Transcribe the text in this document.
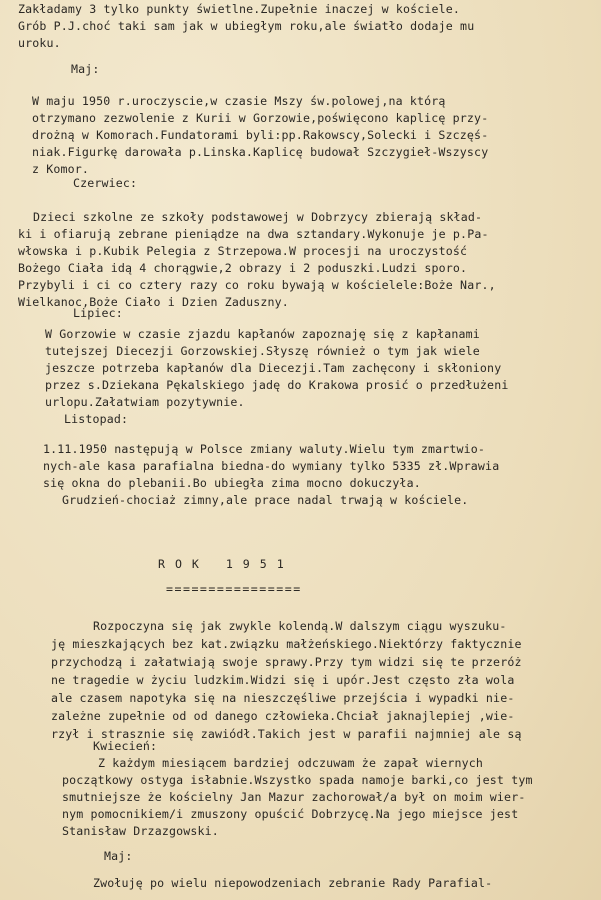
Zakładamy 3 tylko punkty świetlne.Zupełnie inaczej w kościele.
Grób P.J.choć taki sam jak w ubiegłym roku,ale światło dodaje mu
uroku.
Maj:
W maju 1950 r.uroczyscie,w czasie Mszy św.polowej,na którą
otrzymano zezwolenie z Kurii w Gorzowie,poświęcono kaplicę przy-
drożną w Komorach.Fundatorami byli:pp.Rakowscy,Solecki i Szczęś-
niak.Figurkę darowała p.Linska.Kaplicę budował Szczygieł-Wszyscy
z Komor.
Czerwiec:
Dzieci szkolne ze szkoły podstawowej w Dobrzycy zbierają skład-
ki i ofiarują zebrane pieniądze na dwa sztandary.Wykonuje je p.Pa-
włowska i p.Kubik Pelegia z Strzepowa.W procesji na uroczystość
Bożego Ciała idą 4 chorągwie,2 obrazy i 2 poduszki.Ludzi sporo.
Przybyli i ci co cztery razy co roku bywają w kościelele:Boże Nar.,
Wielkanoc,Boże Ciało i Dzien Zaduszny.
Lipiec:
W Gorzowie w czasie zjazdu kapłanów zapoznaję się z kapłanami
tutejszej Diecezji Gorzowskiej.Słyszę również o tym jak wiele
jeszcze potrzeba kapłanów dla Diecezji.Tam zachęcony i skłoniony
przez s.Dziekana Pękalskiego jadę do Krakowa prosić o przedłużeni
urlopu.Załatwiam pozytywnie.
Listopad:
1.11.1950 następują w Polsce zmiany waluty.Wielu tym zmartwio-
nych-ale kasa parafialna biedna-do wymiany tylko 5335 zł.Wprawia
się okna do plebanii.Bo ubiegła zima mocno dokuczyła.
Grudzień-chociaż zimny,ale prace nadal trwają w kościele.
R O K   1 9 5 1
================
Rozpoczyna się jak zwykle kolendą.W dalszym ciągu wyszuku-
ję mieszkających bez kat.związku małżeńskiego.Niektórzy faktycznie
przychodzą i załatwiają swoje sprawy.Przy tym widzi się te przeróż
ne tragedie w życiu ludzkim.Widzi się i upór.Jest często zła wola
ale czasem napotyka się na nieszczęśliwe przejścia i wypadki nie-
zależne zupełnie od od danego człowieka.Chciał jaknajlepiej ,wie-
rzył i strasznie się zawiódł.Takich jest w parafii najmniej ale są
Kwiecień:
Z każdym miesiącem bardziej odczuwam że zapał wiernych
początkowy ostyga isłabnie.Wszystko spada namoje barki,co jest tym
smutniejsze że kościelny Jan Mazur zachorował/a był on moim wier-
nym pomocnikiem/i zmuszony opuścić Dobrzycę.Na jego miejsce jest
Stanisław Drzazgowski.
Maj:
Zwołuję po wielu niepowodzeniach zebranie Rady Parafial-
